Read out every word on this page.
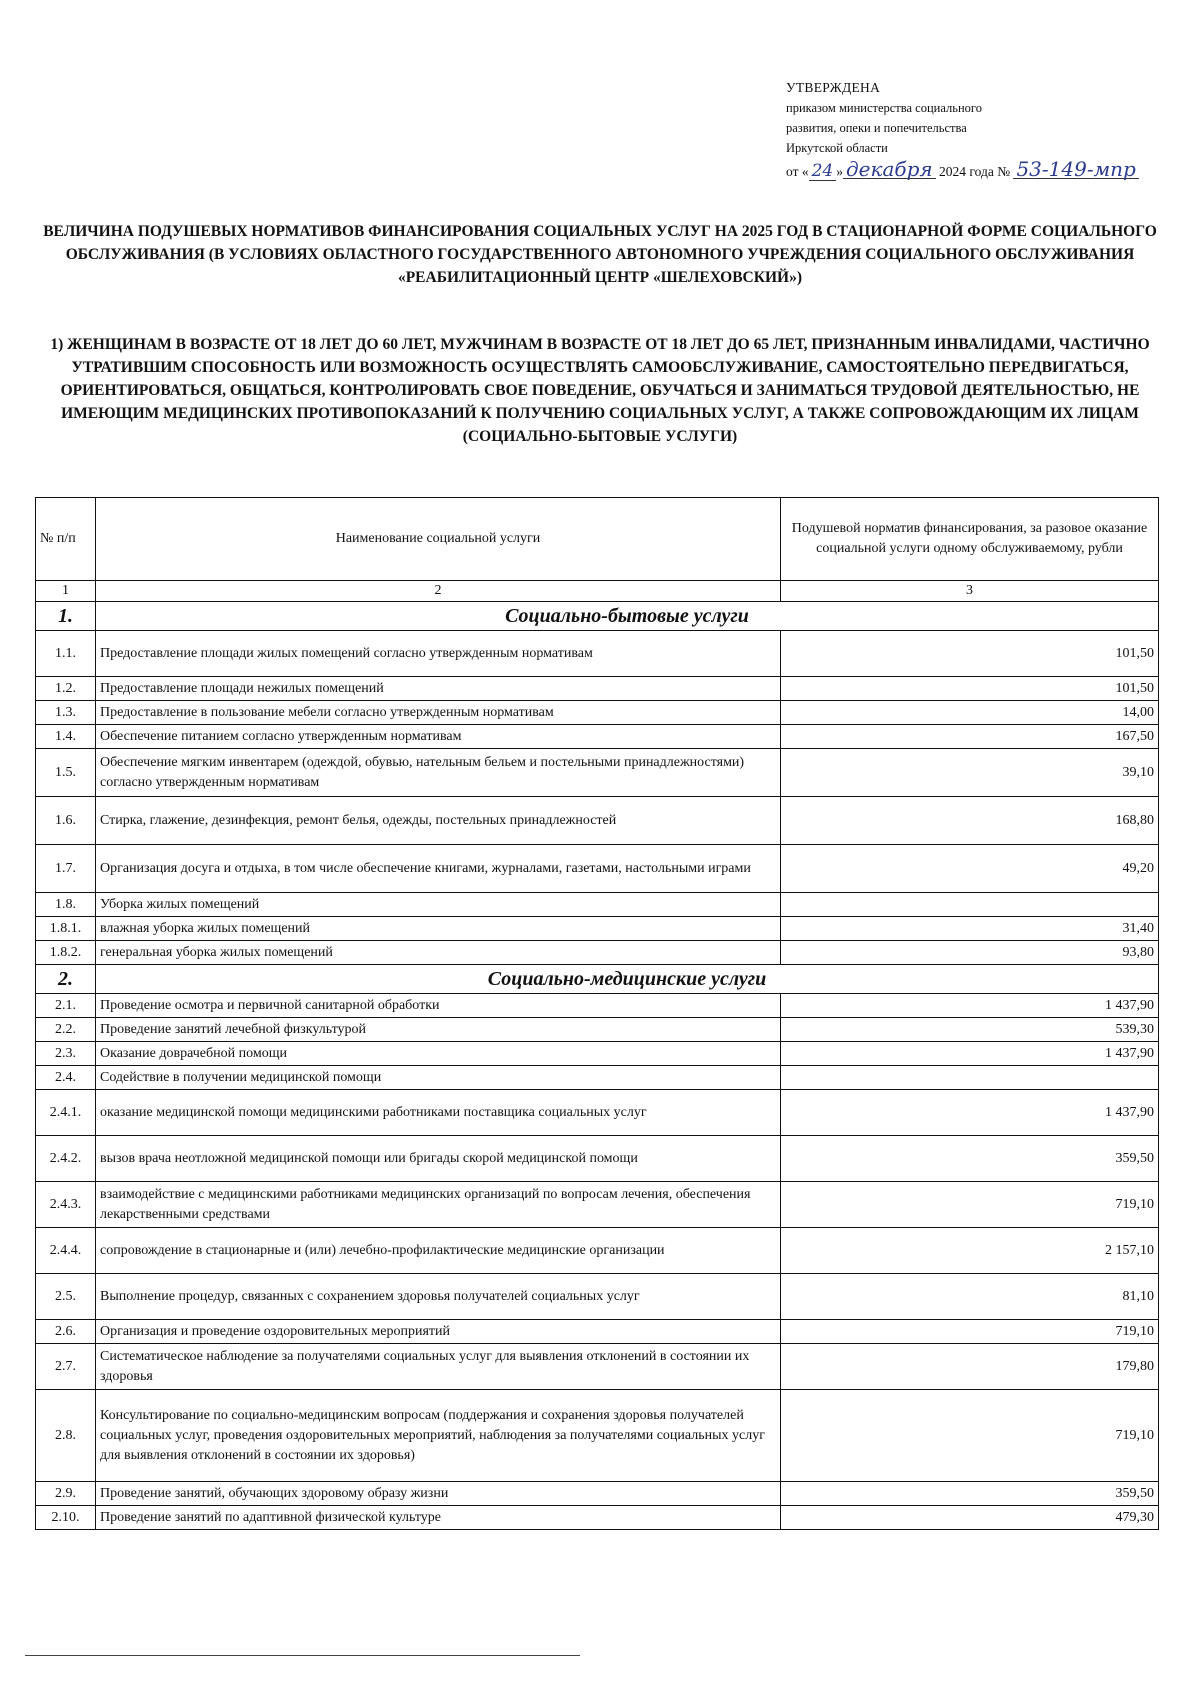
УТВЕРЖДЕНА
приказом министерства социального
развития, опеки и попечительства
Иркутской области
от « 24 » декабря 2024 года № 53-149-мпр
ВЕЛИЧИНА ПОДУШЕВЫХ НОРМАТИВОВ ФИНАНСИРОВАНИЯ СОЦИАЛЬНЫХ УСЛУГ НА 2025 ГОД В СТАЦИОНАРНОЙ ФОРМЕ СОЦИАЛЬНОГО ОБСЛУЖИВАНИЯ (В УСЛОВИЯХ ОБЛАСТНОГО ГОСУДАРСТВЕННОГО АВТОНОМНОГО УЧРЕЖДЕНИЯ СОЦИАЛЬНОГО ОБСЛУЖИВАНИЯ «РЕАБИЛИТАЦИОННЫЙ ЦЕНТР «ШЕЛЕХОВСКИЙ»)
1) ЖЕНЩИНАМ В ВОЗРАСТЕ ОТ 18 ЛЕТ ДО 60 ЛЕТ, МУЖЧИНАМ В ВОЗРАСТЕ ОТ 18 ЛЕТ ДО 65 ЛЕТ, ПРИЗНАННЫМ ИНВАЛИДАМИ, ЧАСТИЧНО УТРАТИВШИМ СПОСОБНОСТЬ ИЛИ ВОЗМОЖНОСТЬ ОСУЩЕСТВЛЯТЬ САМООБСЛУЖИВАНИЕ, САМОСТОЯТЕЛЬНО ПЕРЕДВИГАТЬСЯ, ОРИЕНТИРОВАТЬСЯ, ОБЩАТЬСЯ, КОНТРОЛИРОВАТЬ СВОЕ ПОВЕДЕНИЕ, ОБУЧАТЬСЯ И ЗАНИМАТЬСЯ ТРУДОВОЙ ДЕЯТЕЛЬНОСТЬЮ, НЕ ИМЕЮЩИМ МЕДИЦИНСКИХ ПРОТИВОПОКАЗАНИЙ К ПОЛУЧЕНИЮ СОЦИАЛЬНЫХ УСЛУГ, А ТАКЖЕ СОПРОВОЖДАЮЩИМ ИХ ЛИЦАМ (СОЦИАЛЬНО-БЫТОВЫЕ УСЛУГИ)
№ п/п	Наименование социальной услуги	Подушевой норматив финансирования, за разовое оказание социальной услуги одному обслуживаемому, рубли
1	2	3
1.	Социально-бытовые услуги	
1.1.	Предоставление площади жилых помещений согласно утвержденным нормативам	101,50
1.2.	Предоставление площади нежилых помещений	101,50
1.3.	Предоставление в пользование мебели согласно утвержденным нормативам	14,00
1.4.	Обеспечение питанием согласно утвержденным нормативам	167,50
1.5.	Обеспечение мягким инвентарем (одеждой, обувью, нательным бельем и постельными принадлежностями) согласно утвержденным нормативам	39,10
1.6.	Стирка, глажение, дезинфекция, ремонт белья, одежды, постельных принадлежностей	168,80
1.7.	Организация досуга и отдыха, в том числе обеспечение книгами, журналами, газетами, настольными играми	49,20
1.8.	Уборка жилых помещений	
1.8.1.	влажная уборка жилых помещений	31,40
1.8.2.	генеральная уборка жилых помещений	93,80
2.	Социально-медицинские услуги	
2.1.	Проведение осмотра и первичной санитарной обработки	1 437,90
2.2.	Проведение занятий лечебной физкультурой	539,30
2.3.	Оказание доврачебной помощи	1 437,90
2.4.	Содействие в получении медицинской помощи	
2.4.1.	оказание медицинской помощи медицинскими работниками поставщика социальных услуг	1 437,90
2.4.2.	вызов врача неотложной медицинской помощи или бригады скорой медицинской помощи	359,50
2.4.3.	взаимодействие с медицинскими работниками медицинских организаций по вопросам лечения, обеспечения лекарственными средствами	719,10
2.4.4.	сопровождение в стационарные и (или) лечебно-профилактические медицинские организации	2 157,10
2.5.	Выполнение процедур, связанных с сохранением здоровья получателей социальных услуг	81,10
2.6.	Организация и проведение оздоровительных мероприятий	719,10
2.7.	Систематическое наблюдение за получателями социальных услуг для выявления отклонений в состоянии их здоровья	179,80
2.8.	Консультирование по социально-медицинским вопросам (поддержания и сохранения здоровья получателей социальных услуг, проведения оздоровительных мероприятий, наблюдения за получателями социальных услуг для выявления отклонений в состоянии их здоровья)	719,10
2.9.	Проведение занятий, обучающих здоровому образу жизни	359,50
2.10.	Проведение занятий по адаптивной физической культуре	479,30
